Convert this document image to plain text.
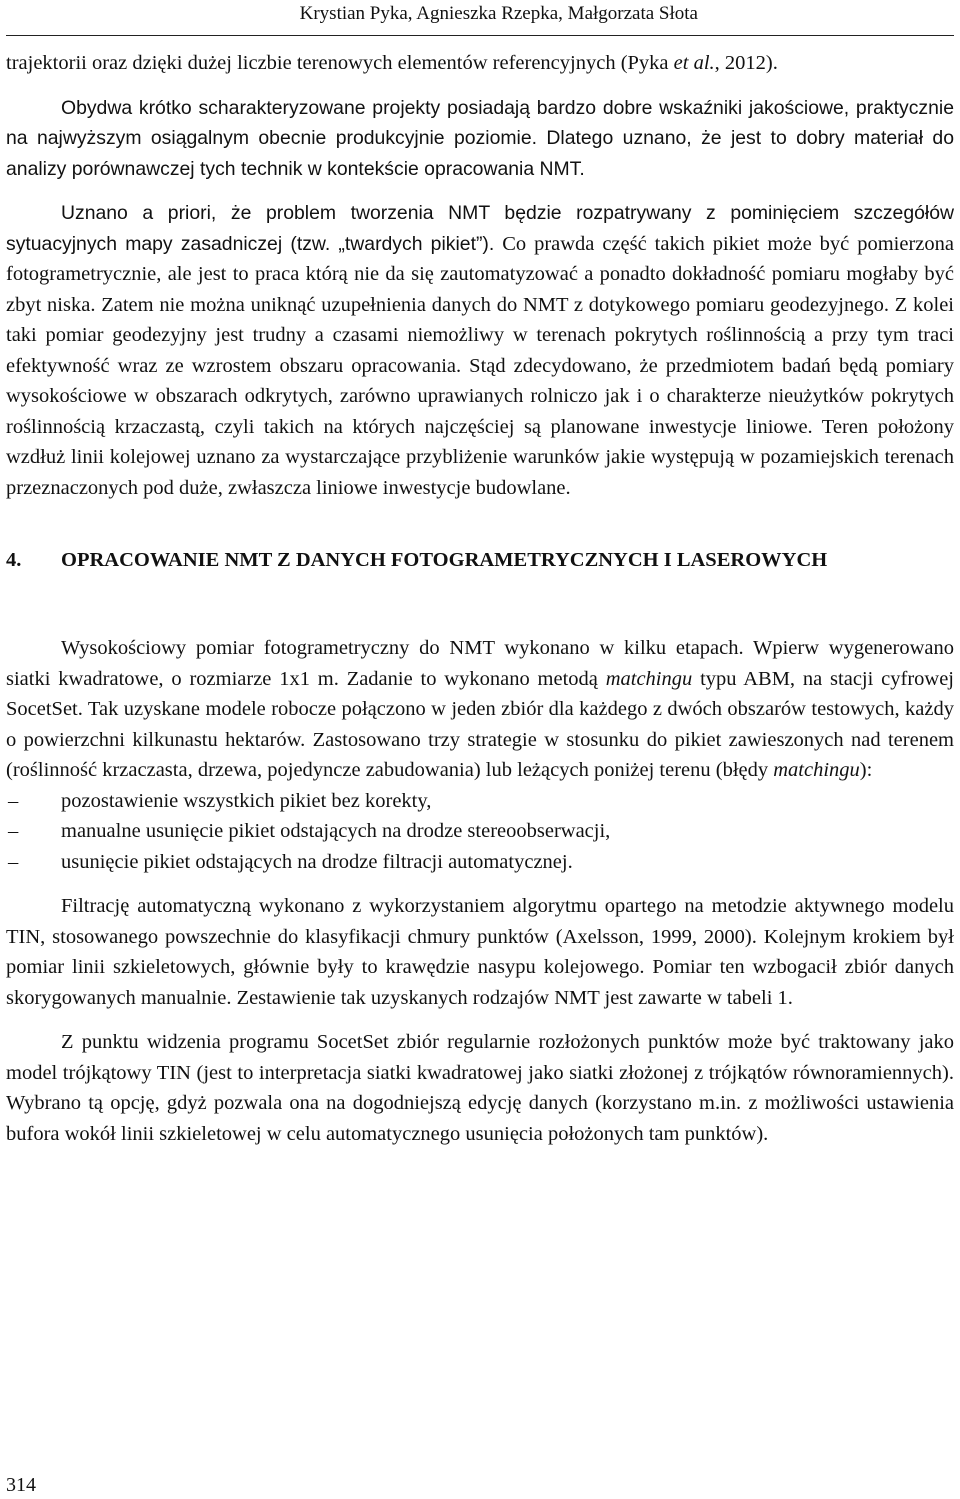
Krystian Pyka, Agnieszka Rzepka, Małgorzata Słota

trajektorii oraz dzięki dużej liczbie terenowych elementów referencyjnych (Pyka et al., 2012).

Obydwa krótko scharakteryzowane projekty posiadają bardzo dobre wskaźniki jakościowe, praktycznie na najwyższym osiągalnym obecnie produkcyjnie poziomie. Dlatego uznano, że jest to dobry materiał do analizy porównawczej tych technik w kontekście opracowania NMT.

Uznano a priori, że problem tworzenia NMT będzie rozpatrywany z pominięciem szczegółów sytuacyjnych mapy zasadniczej (tzw. „twardych pikiet”). Co prawda część takich pikiet może być pomierzona fotogrametrycznie, ale jest to praca którą nie da się zautomatyzować a ponadto dokładność pomiaru mogłaby być zbyt niska. Zatem nie można uniknąć uzupełnienia danych do NMT z dotykowego pomiaru geodezyjnego. Z kolei taki pomiar geodezyjny jest trudny a czasami niemożliwy w terenach pokrytych roślinnością a przy tym traci efektywność wraz ze wzrostem obszaru opracowania. Stąd zdecydowano, że przedmiotem badań będą pomiary wysokościowe w obszarach odkrytych, zarówno uprawianych rolniczo jak i o charakterze nieużytków pokrytych roślinnością krzaczastą, czyli takich na których najczęściej są planowane inwestycje liniowe. Teren położony wzdłuż linii kolejowej uznano za wystarczające przybliżenie warunków jakie występują w pozamiejskich terenach przeznaczonych pod duże, zwłaszcza liniowe inwestycje budowlane.

4.	OPRACOWANIE NMT Z DANYCH FOTOGRAMETRYCZNYCH I LASEROWYCH

Wysokościowy pomiar fotogrametryczny do NMT wykonano w kilku etapach. Wpierw wygenerowano siatki kwadratowe, o rozmiarze 1x1 m. Zadanie to wykonano metodą matchingu typu ABM, na stacji cyfrowej SocetSet. Tak uzyskane modele robocze połączono w jeden zbiór dla każdego z dwóch obszarów testowych, każdy o powierzchni kilkunastu hektarów. Zastosowano trzy strategie w stosunku do pikiet zawieszonych nad terenem (roślinność krzaczasta, drzewa, pojedyncze zabudowania) lub leżących poniżej terenu (błędy matchingu):

–	pozostawienie wszystkich pikiet bez korekty,
–	manualne usunięcie pikiet odstających na drodze stereoobserwacji,
–	usunięcie pikiet odstających na drodze filtracji automatycznej.

Filtrację automatyczną wykonano z wykorzystaniem algorytmu opartego na metodzie aktywnego modelu TIN, stosowanego powszechnie do klasyfikacji chmury punktów (Axelsson, 1999, 2000). Kolejnym krokiem był pomiar linii szkieletowych, głównie były to krawędzie nasypu kolejowego. Pomiar ten wzbogacił zbiór danych skorygowanych manualnie. Zestawienie tak uzyskanych rodzajów NMT jest zawarte w tabeli 1.

Z punktu widzenia programu SocetSet zbiór regularnie rozłożonych punktów może być traktowany jako model trójkątowy TIN (jest to interpretacja siatki kwadratowej jako siatki złożonej z trójkątów równoramiennych). Wybrano tą opcję, gdyż pozwala ona na dogodniejszą edycję danych (korzystano m.in. z możliwości ustawienia bufora wokół linii szkieletowej w celu automatycznego usunięcia położonych tam punktów).

314
